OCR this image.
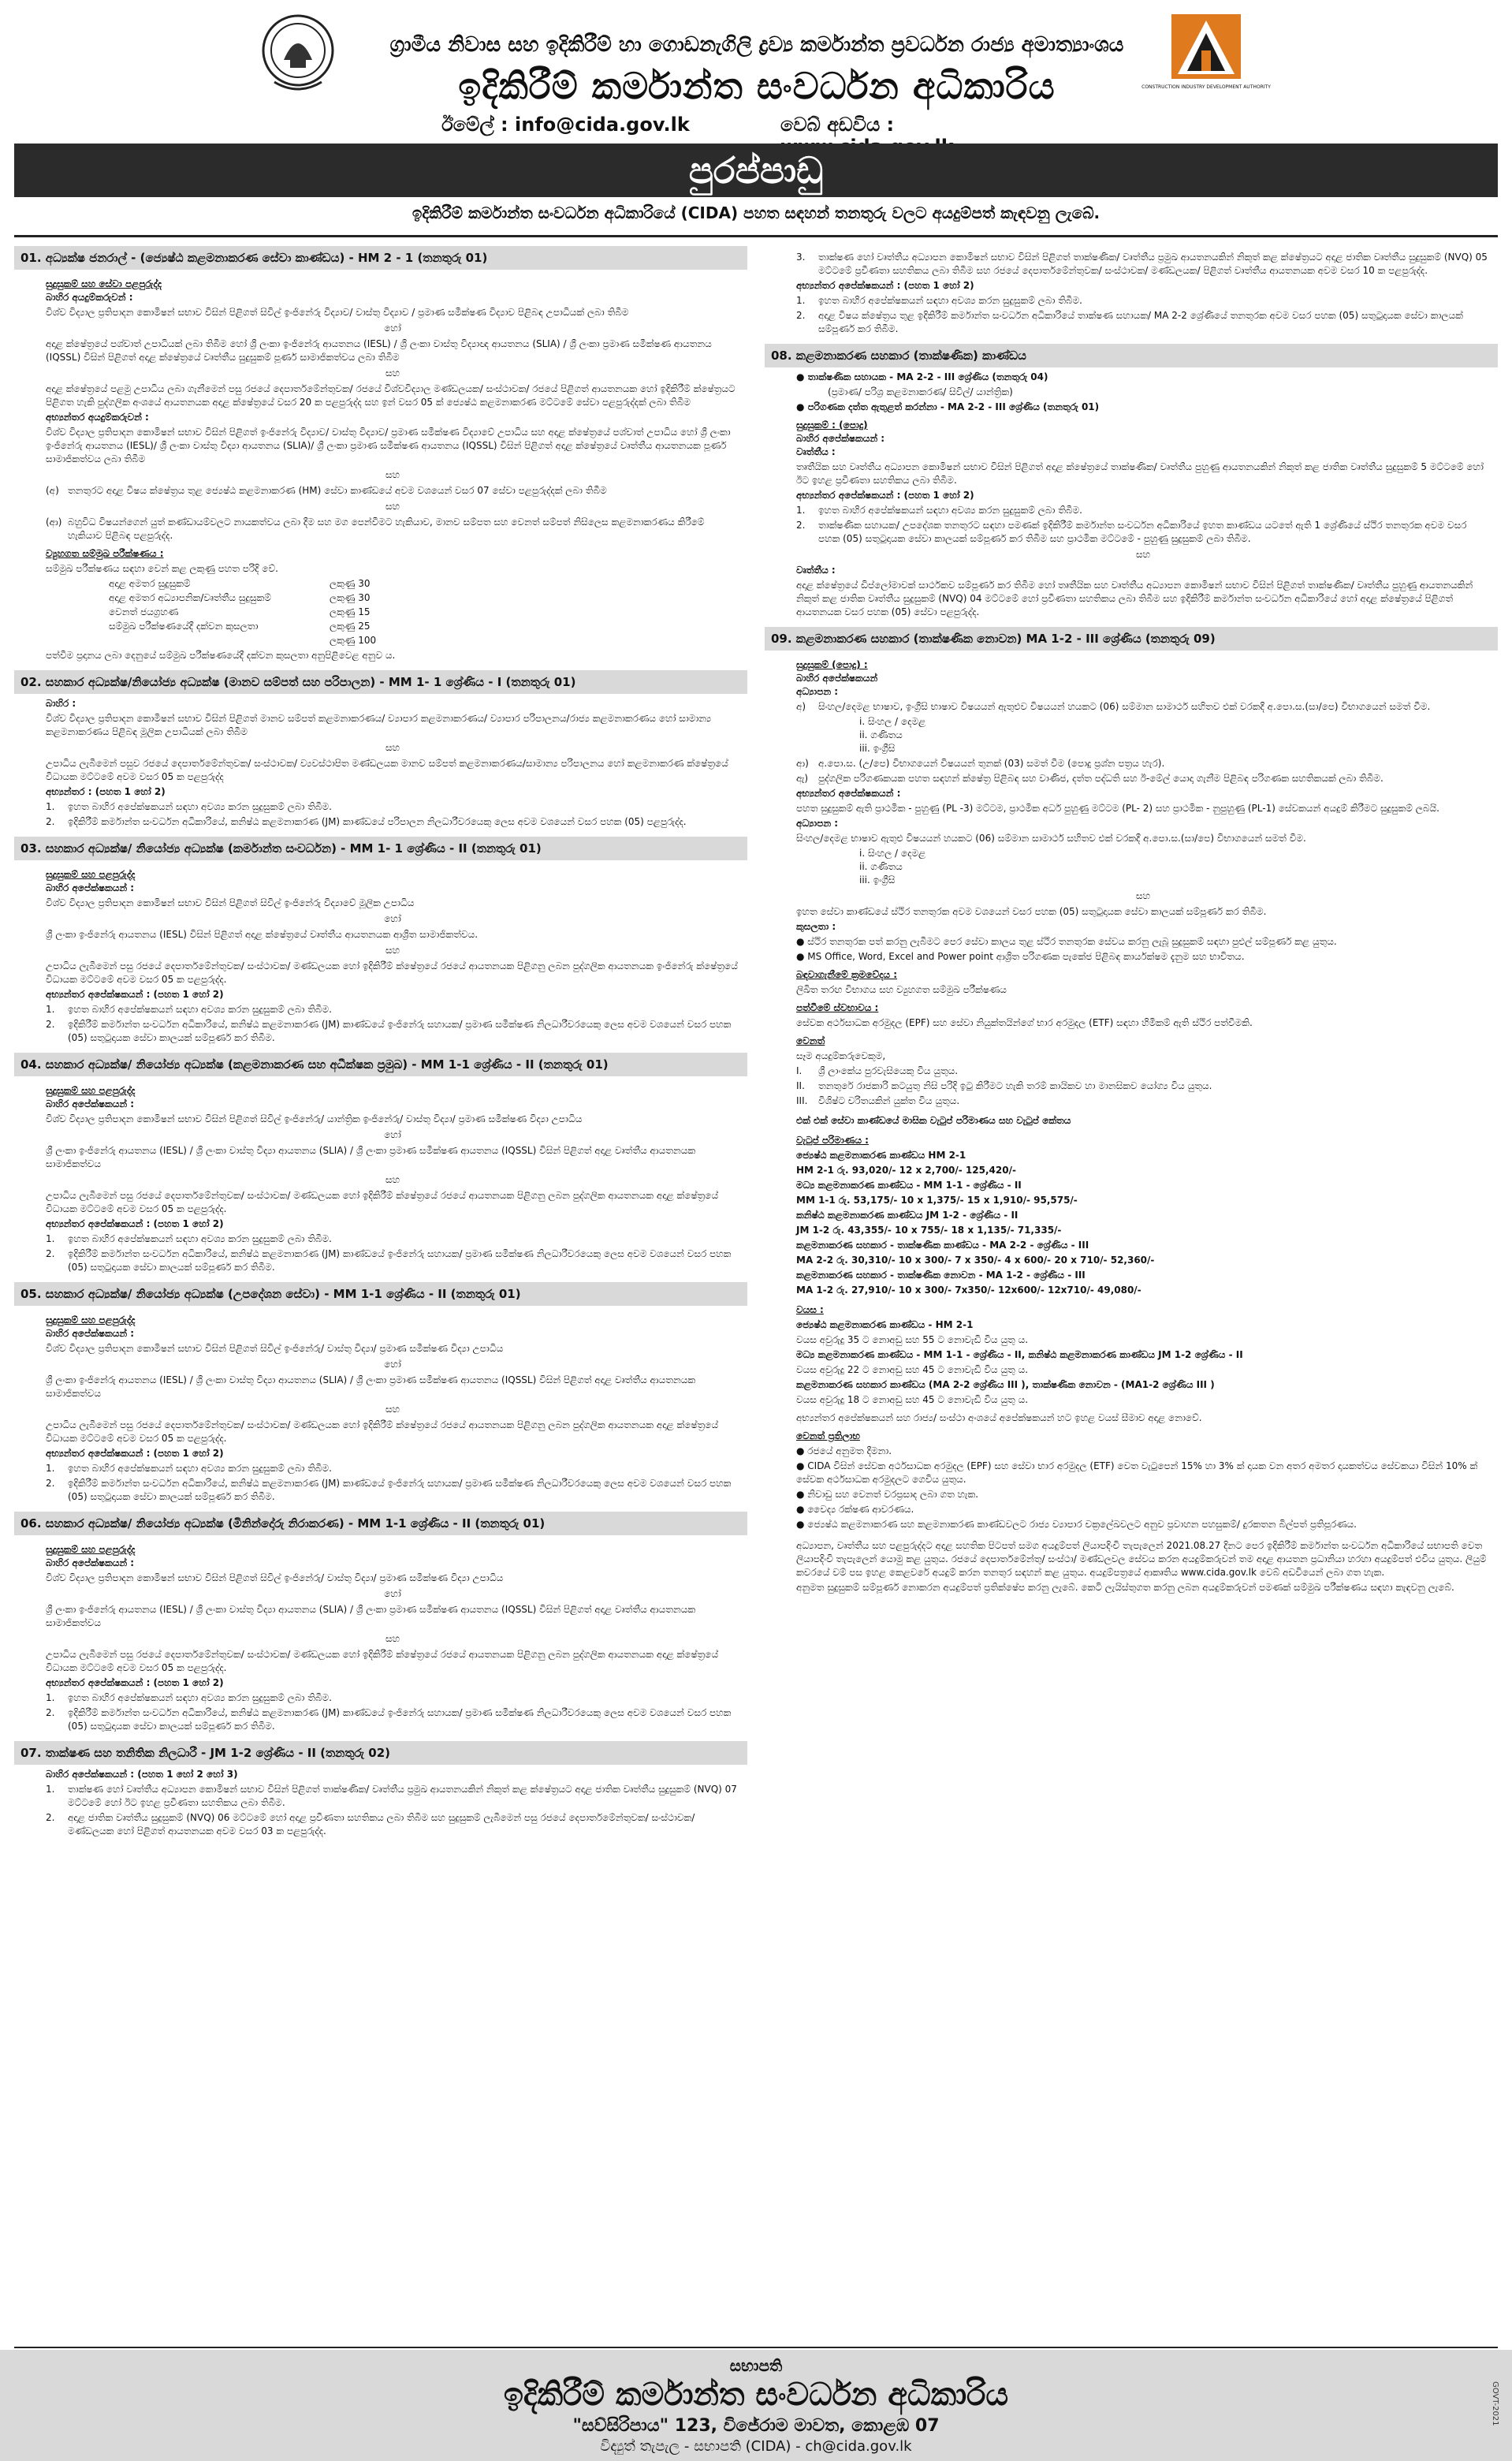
ග්‍රාමීය නිවාස සහ ඉදිකිරීම් හා ගොඩනැගිලි ද්‍රව්‍ය කර්මාන්ත ප්‍රවර්ධන රාජ්‍ය අමාත්‍යාංශය
ඉදිකිරීම් කර්මාන්ත සංවර්ධන අධිකාරිය
ඊමේල් : info@cida.gov.lk	වෙබ් අඩවිය :
CONSTRUCTION INDUSTRY DEVELOPMENT AUTHORITY
පුරප්පාඩු
ඉදිකිරීම් කර්මාන්ත සංවර්ධන අධිකාරියේ (CIDA) පහත සඳහන් තනතුරු වලට අයදුම්පත් කැඳවනු ලැබේ.
01. අධ්‍යක්ෂ ජනරාල් - (ජ්‍යෙෂ්ඨ කළමනාකරණ සේවා කාණ්ඩය) - HM 2 - 1 (තනතුරු 01)
සුදුසුකම් සහ සේවා පළපුරුද්ද
බාහිර අයදුම්කරුවන් :
විශ්ව විද්‍යාල ප්‍රතිපාදන කොමිෂන් සභාව විසින් පිළිගත් සිවිල් ඉංජිනේරු විද්‍යාව/ වාස්තු විද්‍යාව / ප්‍රමාණ සමීක්ෂණ විද්‍යාව පිළිබඳ උපාධියක් ලබා තිබීම
හෝ
අදාළ ක්ෂේත්‍රයේ පශ්චාත් උපාධියක් ලබා තිබීම හෝ ශ්‍රී ලංකා ඉංජිනේරු ආයතනය (IESL) / ශ්‍රී ලංකා වාස්තු විද්‍යාඥ ආයතනය (SLIA) / ශ්‍රී ලංකා ප්‍රමාණ සමීක්ෂණ ආයතනය (IQSSL) විසින් පිළිගත් අදාළ ක්ෂේත්‍රයේ වෘත්තීය සුදුසුකම් පූර්ණ සාමාජිකත්වය ලබා තිබීම
සහ
අදාළ ක්ෂේත්‍රයේ පළමු උපාධිය ලබා ගැනීමෙන් පසු රජයේ දෙපාර්තමේන්තුවක/ රජයේ විශ්වවිද්‍යාල මණ්ඩලයක/ සංස්ථාවක/ රජයේ පිළිගත් ආයතනයක හෝ ඉදිකිරීම් ක්ෂේත්‍රයට පිළිගත හැකි පුද්ගලික අංශයේ ආයතනයක අදාළ ක්ෂේත්‍රයේ වසර 20 ක පළපුරුද්ද සහ ඉන් වසර 05 ක් ජ්‍යෙෂ්ඨ කළමනාකරණ මට්ටමේ සේවා පළපුරුද්දක් ලබා තිබීම
අභ්‍යන්තර අයදුම්කරුවන් :
විශ්ව විද්‍යාල ප්‍රතිපාදන කොමිෂන් සභාව විසින් පිළිගත් ඉංජිනේරු විද්‍යාව/ වාස්තු විද්‍යාව/ ප්‍රමාණ සමීක්ෂණ විද්‍යාවේ උපාධිය සහ අදාළ ක්ෂේත්‍රයේ පශ්චාත් උපාධිය හෝ ශ්‍රී ලංකා ඉංජිනේරු ආයතනය (IESL)/ ශ්‍රී ලංකා වාස්තු විද්‍යා ආයතනය (SLIA)/ ශ්‍රී ලංකා ප්‍රමාණ සමීක්ෂණ ආයතනය (IQSSL) විසින් පිළිගත් අදාළ ක්ෂේත්‍රයේ වෘත්තීය ආයතනයක පූර්ණ සාමාජිකත්වය ලබා තිබීම
සහ
(අ) තනතුරට අදාළ විෂය ක්ෂේත්‍රය තුළ ජ්‍යෙෂ්ඨ කළමනාකරණ (HM) සේවා කාණ්ඩයේ අවම වශයෙන් වසර 07 සේවා පළපුරුද්දක් ලබා තිබීම
සහ
(ආ) බහුවිධ විෂයන්ගෙන් යුත් කණ්ඩායම්වලට නායකත්වය ලබා දීම සහ මග පෙන්වීමට හැකියාව, මානව සම්පත සහ වෙනත් සම්පත් නිසිලෙස කළමනාකරණය කිරීමේ හැකියාව පිළිබඳ පළපුරුද්ද.
ව්‍යුහගත සම්මුඛ පරීක්ෂණය :
සම්මුඛ පරීක්ෂණය සඳහා වෙන් කළ ලකුණු පහත පරිදි වේ.
අදාළ අමතර සුදුසුකම්	ලකුණු 30
අදාළ අමතර අධ්‍යාපනික/වෘත්තීය සුදුසුකම්	ලකුණු 30
වෙනත් ජයග්‍රහණ	ලකුණු 15
සම්මුඛ පරීක්ෂණයේදී දක්වන කුසලතා	ලකුණු 25
ලකුණු 100
පත්වීම ප්‍රදානය ලබා දෙනුයේ සම්මුඛ පරීක්ෂණයේදී දක්වන කුසලතා අනුපිළිවෙළ අනුව ය.
02. සහකාර අධ්‍යක්ෂ/නියෝජ්‍ය අධ්‍යක්ෂ (මානව සම්පත් සහ පරිපාලන) - MM 1- 1 ශ්‍රේණිය - I (තනතුරු 01)
බාහිර :
විශ්ව විද්‍යාල ප්‍රතිපාදන කොමිෂන් සභාව විසින් පිළිගත් මානව සම්පත් කළමනාකරණය/ ව්‍යාපාර කළමනාකරණය/ ව්‍යාපාර පරිපාලනය/රාජ්‍ය කළමනාකරණය හෝ සාමාන්‍ය කළමනාකරණය පිළිබඳ මූලික උපාධියක් ලබා තිබීම
සහ
උපාධිය ලැබීමෙන් පසුව රජයේ දෙපාර්තමේන්තුවක/ සංස්ථාවක/ ව්‍යවස්ථාපිත මණ්ඩලයක මානව සම්පත් කළමනාකරණය/සාමාන්‍ය පරිපාලනය හෝ කළමනාකරණ ක්ෂේත්‍රයේ විධායක මට්ටමේ අවම වසර 05 ක පළපුරුද්ද
අභ්‍යන්තර : (පහත 1 හෝ 2)
1.	ඉහත බාහිර අපේක්ෂකයන් සඳහා අවශ්‍ය කරන සුදුසුකම් ලබා තිබීම.
2.	ඉදිකිරීම් කර්මාන්ත සංවර්ධන අධිකාරියේ, කනිෂ්ඨ කළමනාකරණ (JM) කාණ්ඩයේ පරිපාලන නිලධාරීවරයෙකු ලෙස අවම වශයෙන් වසර පහක (05) පළපුරුද්ද.
03. සහකාර අධ්‍යක්ෂ/ නියෝජ්‍ය අධ්‍යක්ෂ (කර්මාන්ත සංවර්ධන) - MM 1- 1 ශ්‍රේණිය - II (තනතුරු 01)
සුදුසුකම් සහ පළපුරුද්ද
බාහිර අපේක්ෂකයන් :
විශ්ව විද්‍යාල ප්‍රතිපාදන කොමිෂන් සභාව විසින් පිළිගත් සිවිල් ඉංජිනේරු විද්‍යාවේ මූලික උපාධිය
හෝ
ශ්‍රී ලංකා ඉංජිනේරු ආයතනය (IESL) විසින් පිළිගත් අදාළ ක්ෂේත්‍රයේ වෘත්තීය ආයතනයක ආශ්‍රිත සාමාජිකත්වය.
සහ
උපාධිය ලැබීමෙන් පසු රජයේ දෙපාර්තමේන්තුවක/ සංස්ථාවක/ මණ්ඩලයක හෝ ඉදිකිරීම් ක්ෂේත්‍රයේ රජයේ ආයතනයක පිළිගනු ලබන පුද්ගලික ආයතනයක ඉංජිනේරු ක්ෂේත්‍රයේ විධායක මට්ටමේ අවම වසර 05 ක පළපුරුද්ද.
අභ්‍යන්තර අපේක්ෂකයන් : (පහත 1 හෝ 2)
1.	ඉහත බාහිර අපේක්ෂකයන් සඳහා අවශ්‍ය කරන සුදුසුකම් ලබා තිබීම.
2.	ඉදිකිරීම් කර්මාන්ත සංවර්ධන අධිකාරියේ, කනිෂ්ඨ කළමනාකරණ (JM) කාණ්ඩයේ ඉංජිනේරු සහායක/ ප්‍රමාණ සමීක්ෂණ නිලධාරීවරයෙකු ලෙස අවම වශයෙන් වසර පහක (05) සතුටුදායක සේවා කාලයක් සම්පූර්ණ කර තිබීම.
04. සහකාර අධ්‍යක්ෂ/ නියෝජ්‍ය අධ්‍යක්ෂ (කළමනාකරණ සහ අධීක්ෂක ප්‍රමුඛ) - MM 1-1 ශ්‍රේණිය - II (තනතුරු 01)
සුදුසුකම් සහ පළපුරුද්ද
බාහිර අපේක්ෂකයන් :
විශ්ව විද්‍යාල ප්‍රතිපාදන කොමිෂන් සභාව විසින් පිළිගත් සිවිල් ඉංජිනේරු/ යාන්ත්‍රික ඉංජිනේරු/ වාස්තු විද්‍යා/ ප්‍රමාණ සමීක්ෂණ විද්‍යා උපාධිය
හෝ
ශ්‍රී ලංකා ඉංජිනේරු ආයතනය (IESL) / ශ්‍රී ලංකා වාස්තු විද්‍යා ආයතනය (SLIA) / ශ්‍රී ලංකා ප්‍රමාණ සමීක්ෂණ ආයතනය (IQSSL) විසින් පිළිගත් අදාළ වෘත්තීය ආයතනයක සාමාජිකත්වය
සහ
උපාධිය ලැබීමෙන් පසු රජයේ දෙපාර්තමේන්තුවක/ සංස්ථාවක/ මණ්ඩලයක හෝ ඉදිකිරීම් ක්ෂේත්‍රයේ රජයේ ආයතනයක පිළිගනු ලබන පුද්ගලික ආයතනයක අදාළ ක්ෂේත්‍රයේ විධායක මට්ටමේ අවම වසර 05 ක පළපුරුද්ද.
අභ්‍යන්තර අපේක්ෂකයන් : (පහත 1 හෝ 2)
1.	ඉහත බාහිර අපේක්ෂකයන් සඳහා අවශ්‍ය කරන සුදුසුකම් ලබා තිබීම.
2.	ඉදිකිරීම් කර්මාන්ත සංවර්ධන අධිකාරියේ, කනිෂ්ඨ කළමනාකරණ (JM) කාණ්ඩයේ ඉංජිනේරු සහායක/ ප්‍රමාණ සමීක්ෂණ නිලධාරීවරයෙකු ලෙස අවම වශයෙන් වසර පහක (05) සතුටුදායක සේවා කාලයක් සම්පූර්ණ කර තිබීම.
05. සහකාර අධ්‍යක්ෂ/ නියෝජ්‍ය අධ්‍යක්ෂ (උපදේශන සේවා) - MM 1-1 ශ්‍රේණිය - II (තනතුරු 01)
සුදුසුකම් සහ පළපුරුද්ද
බාහිර අපේක්ෂකයන් :
විශ්ව විද්‍යාල ප්‍රතිපාදන කොමිෂන් සභාව විසින් පිළිගත් සිවිල් ඉංජිනේරු/ වාස්තු විද්‍යා/ ප්‍රමාණ සමීක්ෂණ විද්‍යා උපාධිය
හෝ
ශ්‍රී ලංකා ඉංජිනේරු ආයතනය (IESL) / ශ්‍රී ලංකා වාස්තු විද්‍යා ආයතනය (SLIA) / ශ්‍රී ලංකා ප්‍රමාණ සමීක්ෂණ ආයතනය (IQSSL) විසින් පිළිගත් අදාළ වෘත්තීය ආයතනයක සාමාජිකත්වය
සහ
උපාධිය ලැබීමෙන් පසු රජයේ දෙපාර්තමේන්තුවක/ සංස්ථාවක/ මණ්ඩලයක හෝ ඉදිකිරීම් ක්ෂේත්‍රයේ රජයේ ආයතනයක පිළිගනු ලබන පුද්ගලික ආයතනයක අදාළ ක්ෂේත්‍රයේ විධායක මට්ටමේ අවම වසර 05 ක පළපුරුද්ද.
අභ්‍යන්තර අපේක්ෂකයන් : (පහත 1 හෝ 2)
1.	ඉහත බාහිර අපේක්ෂකයන් සඳහා අවශ්‍ය කරන සුදුසුකම් ලබා තිබීම.
2.	ඉදිකිරීම් කර්මාන්ත සංවර්ධන අධිකාරියේ, කනිෂ්ඨ කළමනාකරණ (JM) කාණ්ඩයේ ඉංජිනේරු සහායක/ ප්‍රමාණ සමීක්ෂණ නිලධාරීවරයෙකු ලෙස අවම වශයෙන් වසර පහක (05) සතුටුදායක සේවා කාලයක් සම්පූර්ණ කර තිබීම.
06. සහකාර අධ්‍යක්ෂ/ නියෝජ්‍ය අධ්‍යක්ෂ (මිනින්දෝරු නිරාකරණ) - MM 1-1 ශ්‍රේණිය - II (තනතුරු 01)
සුදුසුකම් සහ පළපුරුද්ද
බාහිර අපේක්ෂකයන් :
විශ්ව විද්‍යාල ප්‍රතිපාදන කොමිෂන් සභාව විසින් පිළිගත් සිවිල් ඉංජිනේරු/ වාස්තු විද්‍යා/ ප්‍රමාණ සමීක්ෂණ විද්‍යා උපාධිය
හෝ
ශ්‍රී ලංකා ඉංජිනේරු ආයතනය (IESL) / ශ්‍රී ලංකා වාස්තු විද්‍යා ආයතනය (SLIA) / ශ්‍රී ලංකා ප්‍රමාණ සමීක්ෂණ ආයතනය (IQSSL) විසින් පිළිගත් අදාළ වෘත්තීය ආයතනයක සාමාජිකත්වය
සහ
උපාධිය ලැබීමෙන් පසු රජයේ දෙපාර්තමේන්තුවක/ සංස්ථාවක/ මණ්ඩලයක හෝ ඉදිකිරීම් ක්ෂේත්‍රයේ රජයේ ආයතනයක පිළිගනු ලබන පුද්ගලික ආයතනයක අදාළ ක්ෂේත්‍රයේ විධායක මට්ටමේ අවම වසර 05 ක පළපුරුද්ද.
අභ්‍යන්තර අපේක්ෂකයන් : (පහත 1 හෝ 2)
1.	ඉහත බාහිර අපේක්ෂකයන් සඳහා අවශ්‍ය කරන සුදුසුකම් ලබා තිබීම.
2.	ඉදිකිරීම් කර්මාන්ත සංවර්ධන අධිකාරියේ, කනිෂ්ඨ කළමනාකරණ (JM) කාණ්ඩයේ ඉංජිනේරු සහායක/ ප්‍රමාණ සමීක්ෂණ නිලධාරීවරයෙකු ලෙස අවම වශයෙන් වසර පහක (05) සතුටුදායක සේවා කාලයක් සම්පූර්ණ කර තිබීම.
07. තාක්ෂණ සහ තනිතික නිලධාරී - JM 1-2 ශ්‍රේණිය - II (තනතුරු 02)
බාහිර අපේක්ෂකයන් : (පහත 1 හෝ 2 හෝ 3)
1.	තාක්ෂණ හෝ වෘත්තීය අධ්‍යාපන කොමිෂන් සභාව විසින් පිළිගත් තාක්ෂණික/ වෘත්තීය ප්‍රමුඛ ආයතනයකින් නිකුත් කළ ක්ෂේත්‍රයට අදාළ ජාතික වෘත්තීය සුදුසුකම් (NVQ) 07 මට්ටමේ හෝ ඊට ඉහළ ප්‍රවීණතා සහතිකය ලබා තිබීම.
2.	අදාළ ජාතික වෘත්තීය සුදුසුකම් (NVQ) 06 මට්ටමේ හෝ අදාළ ප්‍රවීණතා සහතිකය ලබා තිබීම සහ සුදුසුකම් ලැබීමෙන් පසු රජයේ දෙපාර්තමේන්තුවක/ සංස්ථාවක/ මණ්ඩලයක හෝ පිළිගත් ආයතනයක අවම වසර 03 ක පළපුරුද්ද.
3.	තාක්ෂණ හෝ වෘත්තීය අධ්‍යාපන කොමිෂන් සභාව විසින් පිළිගත් තාක්ෂණික/ වෘත්තීය ප්‍රමුඛ ආයතනයකින් නිකුත් කළ ක්ෂේත්‍රයට අදාළ ජාතික වෘත්තීය සුදුසුකම් (NVQ) 05 මට්ටමේ ප්‍රවීණතා සහතිකය ලබා තිබීම සහ රජයේ දෙපාර්තමේන්තුවක/ සංස්ථාවක/ මණ්ඩලයක/ පිළිගත් වෘත්තීය ආයතනයක අවම වසර 10 ක පළපුරුද්ද.
අභ්‍යන්තර අපේක්ෂකයන් : (පහත 1 හෝ 2)
1.	ඉහත බාහිර අපේක්ෂකයන් සඳහා අවශ්‍ය කරන සුදුසුකම් ලබා තිබීම.
2.	අදාළ විෂය ක්ෂේත්‍රය තුළ ඉදිකිරීම් කර්මාන්ත සංවර්ධන අධිකාරියේ තාක්ෂණ සහායක/ MA 2-2 ශ්‍රේණියේ තනතුරක අවම වසර පහක (05) සතුටුදායක සේවා කාලයක් සම්පූර්ණ කර තිබීම.
08. කළමනාකරණ සහකාර (තාක්ෂණික) කාණ්ඩය
● තාක්ෂණික සහායක - MA 2-2 - III ශ්‍රේණිය (තනතුරු 04)
(ප්‍රමාණ/ පරිශ්‍ර කළමනාකරණ/ සිවිල්/ යාන්ත්‍රික)
● පරිගණක දත්ත ඇතුළත් කරන්නා - MA 2-2 - III ශ්‍රේණිය (තනතුරු 01)
සුදුසුකම් : (පොදු)
බාහිර අපේක්ෂකයන් :
වෘත්තීය :
තෘතීයික සහ වෘත්තීය අධ්‍යාපන කොමිෂන් සභාව විසින් පිළිගත් අදාළ ක්ෂේත්‍රයේ තාක්ෂණික/ වෘත්තීය පුහුණු ආයතනයකින් නිකුත් කළ ජාතික වෘත්තීය සුදුසුකම් 5 මට්ටමේ හෝ ඊට ඉහළ ප්‍රවීණතා සහතිකය ලබා තිබීම.
අභ්‍යන්තර අපේක්ෂකයන් : (පහත 1 හෝ 2)
1.	ඉහත බාහිර අපේක්ෂකයන් සඳහා අවශ්‍ය කරන සුදුසුකම් ලබා තිබීම.
2.	තාක්ෂණික සහායක/ උපදේශක තනතුරට සඳහා පමණක් ඉදිකිරීම් කර්මාන්ත සංවර්ධන අධිකාරියේ ඉහත කාණ්ඩය යටතේ ඇති 1 ශ්‍රේණියේ ස්ථිර තනතුරක අවම වසර පහක (05) සතුටුදායක සේවා කාලයක් සම්පූර්ණ කර තිබීම සහ ප්‍රාථමික මට්ටමේ - පුහුණු සුදුසුකම් ලබා තිබීම.
සහ
වෘත්තීය :
අදාළ ක්ෂේත්‍රයේ ඩිප්ලෝමාවක් සාර්ථකව සම්පූර්ණ කර තිබීම හෝ තෘතීයික සහ වෘත්තීය අධ්‍යාපන කොමිෂන් සභාව විසින් පිළිගත් තාක්ෂණික/ වෘත්තීය පුහුණු ආයතනයකින් නිකුත් කළ ජාතික වෘත්තීය සුදුසුකම් (NVQ) 04 මට්ටමේ හෝ ප්‍රවීණතා සහතිකය ලබා තිබීම සහ ඉදිකිරීම් කර්මාන්ත සංවර්ධන අධිකාරියේ හෝ අදාළ ක්ෂේත්‍රයේ පිළිගත් ආයතනයක වසර පහක (05) සේවා පළපුරුද්ද.
09. කළමනාකරණ සහකාර (තාක්ෂණික නොවන) MA 1-2 - III ශ්‍රේණිය (තනතුරු 09)
සුදුසුකම් (පොදු) :
බාහිර අපේක්ෂකයන්
අධ්‍යාපන :
අ)	සිංහල/දෙමළ භාෂාව, ඉංග්‍රීසි භාෂාව විෂයයන් ඇතුළුව විෂයයන් හයකට (06) සම්මාන සාමාර්ථ සහිතව එක් වරකදී අ.පො.ස.(සා/පෙ) විභාගයෙන් සමත් වීම.
i. සිංහල / දෙමළ
ii. ගණිතය
iii. ඉංග්‍රීසි
ආ)	අ.පො.ස. (උ/පෙ) විභාගයෙන් විෂයයන් තුනක් (03) සමත් වීම (පොදු ප්‍රශ්න පත්‍රය හැර).
ඇ)	පුද්ගලික පරිගණකයක පහත සඳහන් ක්ෂේත්‍ර පිළිබඳ සහ වාණිජ, දත්ත පද්ධති සහ ඊ-මේල් යොදා ගැනීම පිළිබඳ පරිගණක සහතිකයක් ලබා තිබීම.
අභ්‍යන්තර අපේක්ෂකයන් :
පහත සුදුසුකම් ඇති ප්‍රාථමික - පුහුණු (PL -3) මට්ටම, ප්‍රාථමික අර්ධ පුහුණු මට්ටම (PL- 2) සහ ප්‍රාථමික - නුපුහුණු (PL-1) සේවකයන් අයදුම් කිරීමට සුදුසුකම් ලබයි.
අධ්‍යාපන :
සිංහල/දෙමළ භාෂාව ඇතුළු විෂයයන් හයකට (06) සම්මාන සාමාර්ථ සහිතව එක් වරකදී අ.පො.ස.(සා/පෙ) විභාගයෙන් සමත් වීම.
i. සිංහල / දෙමළ
ii. ගණිතය
iii. ඉංග්‍රීසි
සහ
ඉහත සේවා කාණ්ඩයේ ස්ථිර තනතුරක අවම වශයෙන් වසර පහක (05) සතුටුදායක සේවා කාලයක් සම්පූර්ණ කර තිබීම.
කුසලතා :
● ස්ථිර තනතුරක පත් කරනු ලැබීමට පෙර සේවා කාලය තුළ ස්ථිර තනතුරක සේවය කරනු ලැබූ සුදුසුකම් සඳහා පුළුල් සම්පූර්ණ කළ යුතුය.
● MS Office, Word, Excel and Power point ආශ්‍රිත පරිගණක පැකේජ පිළිබඳ කාර්යක්ෂම දැනුම සහ භාවිතය.
බඳවාගැනීමේ ක්‍රමවේදය :
ලිඛිත තරඟ විභාගය සහ ව්‍යුහගත සම්මුඛ පරීක්ෂණය
පත්වීමේ ස්වභාවය :
සේවක අර්ථසාධක අරමුදල (EPF) සහ සේවා නියුක්තයින්ගේ භාර අරමුදල (ETF) සඳහා හිමිකම් ඇති ස්ථිර පත්වීමකි.
වෙනත්
සෑම අයදුම්කරුවෙකුම,
I.	ශ්‍රී ලාංකේය පුරවැසියෙකු විය යුතුය.
II.	තනතුරේ රාජකාරි කටයුතු නිසි පරිදි ඉටු කිරීමට හැකි තරම් කායිකව හා මානසිකව යෝග්‍ය විය යුතුය.
III.	විශිෂ්ට චරිතයකින් යුක්ත විය යුතුය.
එක් එක් සේවා කාණ්ඩයේ මාසික වැටුප් පරිමාණය සහ වැටුප් කේතය
වැටුප් පරිමාණය :
ජ්‍යෙෂ්ඨ කළමනාකරණ කාණ්ඩය HM 2-1
HM 2-1 රු. 93,020/- 12 x 2,700/- 125,420/-
මධ්‍ය කළමනාකරණ කාණ්ඩය - MM 1-1 - ශ්‍රේණිය - II
MM 1-1 රු. 53,175/- 10 x 1,375/- 15 x 1,910/- 95,575/-
කනිෂ්ඨ කළමනාකරණ කාණ්ඩය JM 1-2 - ශ්‍රේණිය - II
JM 1-2 රු. 43,355/- 10 x 755/- 18 x 1,135/- 71,335/-
කළමනාකරණ සහකාර - තාක්ෂණික කාණ්ඩය - MA 2-2 - ශ්‍රේණිය - III
MA 2-2 රු. 30,310/- 10 x 300/- 7 x 350/- 4 x 600/- 20 x 710/- 52,360/-
කළමනාකරණ සහකාර - තාක්ෂණික නොවන - MA 1-2 - ශ්‍රේණිය - III
MA 1-2 රු. 27,910/- 10 x 300/- 7x350/- 12x600/- 12x710/- 49,080/-
වයස :
ජ්‍යෙෂ්ඨ කළමනාකරණ කාණ්ඩය - HM 2-1
වයස අවුරුදු 35 ට නොඅඩු සහ 55 ට නොවැඩි විය යුතු ය.
මධ්‍ය කළමනාකරණ කාණ්ඩය - MM 1-1 - ශ්‍රේණිය - II, කනිෂ්ඨ කළමනාකරණ කාණ්ඩය JM 1-2 ශ්‍රේණිය - II
වයස අවුරුදු 22 ට නොඅඩු සහ 45 ට නොවැඩි විය යුතු ය.
කළමනාකරණ සහකාර කාණ්ඩය (MA 2-2 ශ්‍රේණිය III ), තාක්ෂණික නොවන - (MA1-2 ශ්‍රේණිය III )
වයස අවුරුදු 18 ට නොඅඩු සහ 45 ට නොවැඩි විය යුතු ය.
අභ්‍යන්තර අපේක්ෂකයන් සහ රාජ්‍ය/ සංස්ථා අංශයේ අපේක්ෂකයන් හට ඉහළ වයස් සීමාව අදාළ නොවේ.
වෙනත් ප්‍රතිලාභ
● රජයේ අනුමත දීමනා.
● CIDA විසින් සේවක අර්ථසාධක අරමුදල (EPF) සහ සේවා භාර අරමුදල (ETF) වෙත වැටුපෙන් 15% හා 3% ක් දායක වන අතර අමතර දායකත්වය සේවකයා විසින් 10% ක් සේවක අර්ථසාධක අරමුදලට ගෙවිය යුතුය.
● නිවාඩු සහ වෙනත් වරප්‍රසාද ලබා ගත හැක.
● වෛද්‍ය රක්ෂණ ආවරණය.
● ජ්‍යෙෂ්ඨ කළමනාකරණ සහ කළමනාකරණ කාණ්ඩවලට රාජ්‍ය ව්‍යාපාර චක්‍රලේඛවලට අනුව ප්‍රවාහන පහසුකම්/ දුරකතන බිල්පත් ප්‍රතිපූරණය.
අධ්‍යාපන, වෘත්තීය සහ පළපුරුද්දට අදාළ සහතික පිටපත් සමග අයදුම්පත් ලියාපදිංචි තැපැලෙන් 2021.08.27 දිනට පෙර ඉදිකිරීම් කර්මාන්ත සංවර්ධන අධිකාරියේ සභාපති වෙත ලියාපදිංචි තැපැලෙන් යොමු කළ යුතුය. රජයේ දෙපාර්තමේන්තු/ සංස්ථා/ මණ්ඩලවල සේවය කරන අයදුම්කරුවන් තම අදාළ ආයතන ප්‍රධානියා හරහා අයදුම්පත් එවිය යුතුය. ලියුම් කවරයේ වම් පස ඉහළ කෙළවරේ අයදුම් කරන තනතුර සඳහන් කළ යුතුය. අයදුම්පත්‍රයේ ආකෘතිය www.cida.gov.lk වෙබ් අඩවියෙන් ලබා ගත හැක.
අනුමත සුදුසුකම් සම්පූර්ණ නොකරන අයදුම්පත් ප්‍රතික්ෂේප කරනු ලැබේ. කෙටි ලැයිස්තුගත කරනු ලබන අයදුම්කරුවන් පමණක් සම්මුඛ පරීක්ෂණය සඳහා කැඳවනු ලැබේ.
සභාපති
ඉදිකිරීම් කර්මාන්ත සංවර්ධන අධිකාරිය
"සව්සිරිපාය" 123, විජේරාම මාවත, කොළඹ 07
විද්‍යුත් තැපැල - සභාපති (CIDA) - ch@cida.gov.lk
GOVT-2021
